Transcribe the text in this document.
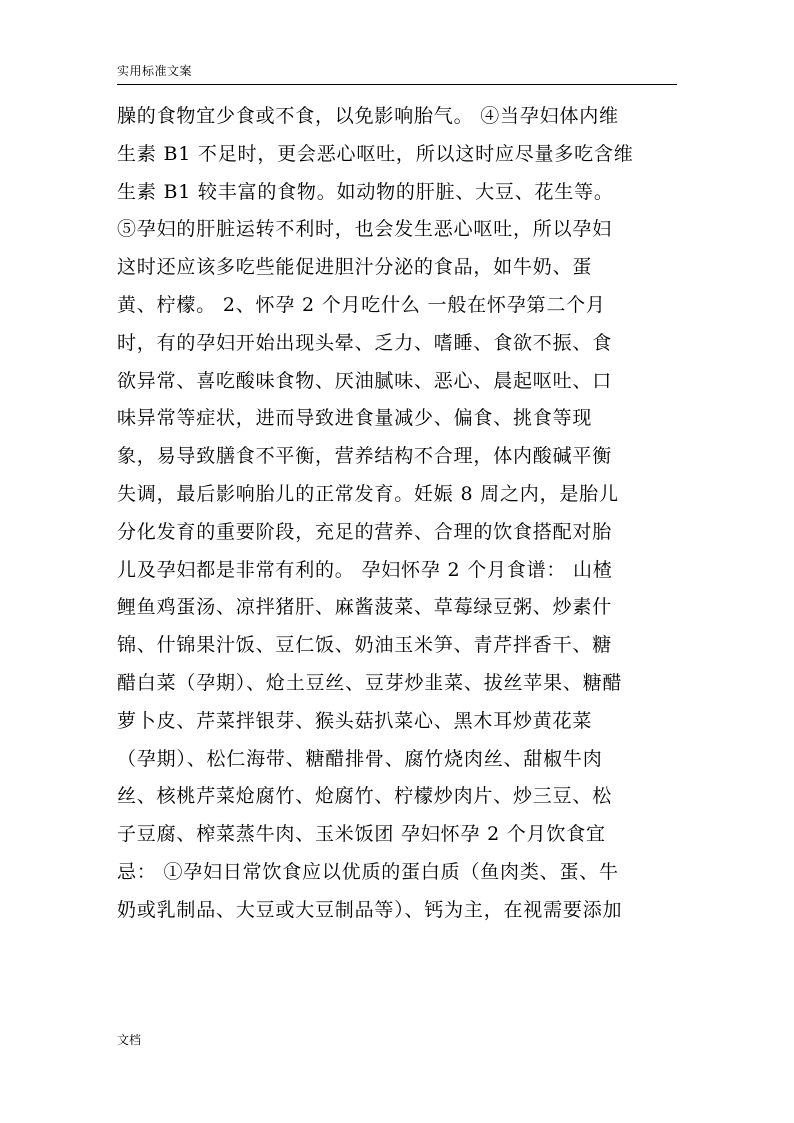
实用标准文案
臊的食物宜少食或不食，以免影响胎气。 ④当孕妇体内维
生素 B1 不足时，更会恶心呕吐，所以这时应尽量多吃含维
生素 B1 较丰富的食物。如动物的肝脏、大豆、花生等。
⑤孕妇的肝脏运转不利时，也会发生恶心呕吐，所以孕妇
这时还应该多吃些能促进胆汁分泌的食品，如牛奶、蛋
黄、柠檬。 2、怀孕 2 个月吃什么 一般在怀孕第二个月
时，有的孕妇开始出现头晕、乏力、嗜睡、食欲不振、食
欲异常、喜吃酸味食物、厌油腻味、恶心、晨起呕吐、口
味异常等症状，进而导致进食量减少、偏食、挑食等现
象，易导致膳食不平衡，营养结构不合理，体内酸碱平衡
失调，最后影响胎儿的正常发育。妊娠 8 周之内，是胎儿
分化发育的重要阶段，充足的营养、合理的饮食搭配对胎
儿及孕妇都是非常有利的。 孕妇怀孕 2 个月食谱： 山楂
鲤鱼鸡蛋汤、凉拌猪肝、麻酱菠菜、草莓绿豆粥、炒素什
锦、什锦果汁饭、豆仁饭、奶油玉米笋、青芹拌香干、糖
醋白菜（孕期）、炝土豆丝、豆芽炒韭菜、拔丝苹果、糖醋
萝卜皮、芹菜拌银芽、猴头菇扒菜心、黑木耳炒黄花菜
（孕期）、松仁海带、糖醋排骨、腐竹烧肉丝、甜椒牛肉
丝、核桃芹菜炝腐竹、炝腐竹、柠檬炒肉片、炒三豆、松
子豆腐、榨菜蒸牛肉、玉米饭团 孕妇怀孕 2 个月饮食宜
忌： ①孕妇日常饮食应以优质的蛋白质（鱼肉类、蛋、牛
奶或乳制品、大豆或大豆制品等）、钙为主，在视需要添加
文档
